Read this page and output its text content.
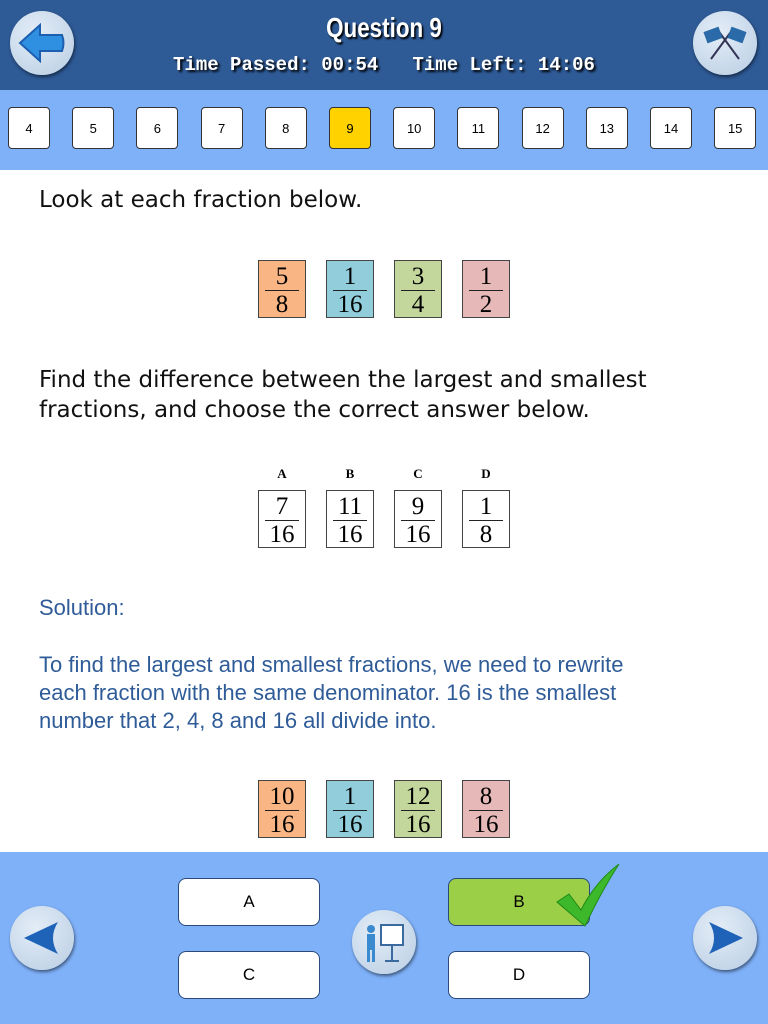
Question 9
Time Passed: 00:54 Time Left: 14:06
4	5	6	7	8	9	10	11	12	13	14	15
Look at each fraction below.
$\frac{5}{8} \frac{1}{16} \frac{3}{4} \frac{1}{2}$
Find the difference between the largest and smallest
fractions, and choose the correct answer below.
A
$\frac{7}{16}$
B
$\frac{11}{16}$
C
$\frac{9}{16}$
D
$\frac{1}{8}$
Solution:
To find the largest and smallest fractions, we need to rewrite
each fraction with the same denominator. 16 is the smallest
number that 2, 4, 8 and 16 all divide into.
$\frac{10}{16} \frac{1}{16} \frac{12}{16} \frac{8}{16}$
A	B
C	D
